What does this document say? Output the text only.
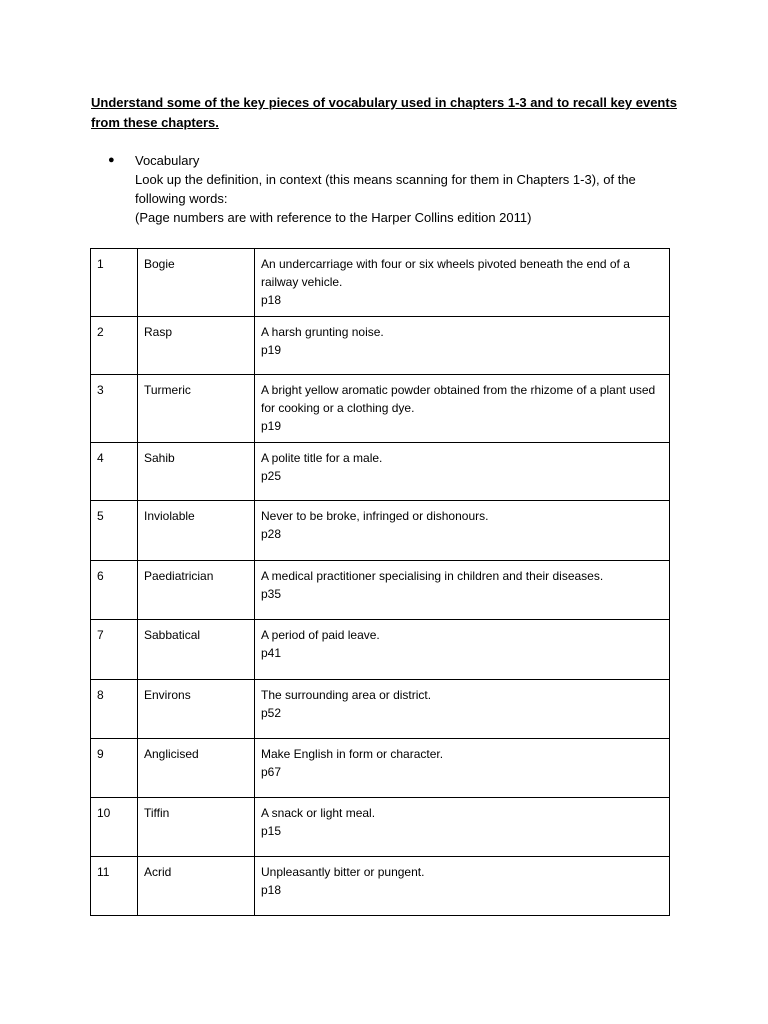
Understand some of the key pieces of vocabulary used in chapters 1-3 and to recall key events from these chapters.
●	Vocabulary
Look up the definition, in context (this means scanning for them in Chapters 1-3), of the following words:
(Page numbers are with reference to the Harper Collins edition 2011)
1	Bogie	An undercarriage with four or six wheels pivoted beneath the end of a railway vehicle.
p18

2	Rasp	A harsh grunting noise.
p19

3	Turmeric	A bright yellow aromatic powder obtained from the rhizome of a plant used for cooking or a clothing dye.
p19

4	Sahib	A polite title for a male.
p25

5	Inviolable	Never to be broke, infringed or dishonours.
p28

6	Paediatrician	A medical practitioner specialising in children and their diseases.
p35

7	Sabbatical	A period of paid leave.
p41

8	Environs	The surrounding area or district.
p52

9	Anglicised	Make English in form or character.
p67

10	Tiffin	A snack or light meal.
p15

11	Acrid	Unpleasantly bitter or pungent.
p18
